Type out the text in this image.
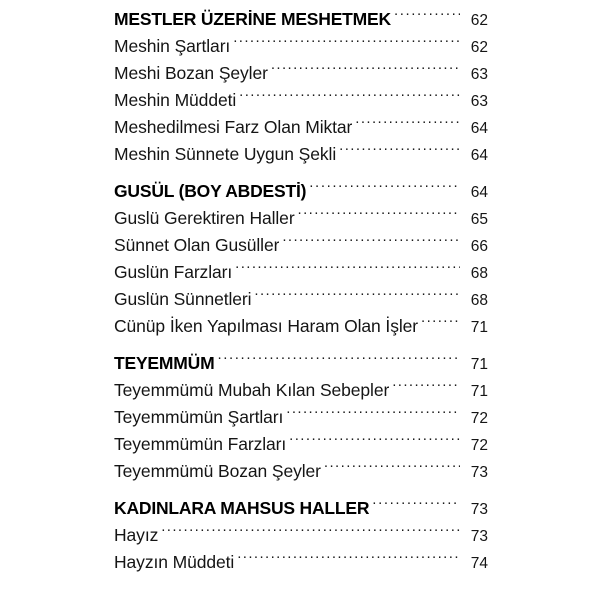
MESTLER ÜZERİNE MESHETMEK .....	62
Meshin Şartları .....	62
Meshi Bozan Şeyler .....	63
Meshin Müddeti .....	63
Meshedilmesi Farz Olan Miktar .....	64
Meshin Sünnete Uygun Şekli .....	64
GUSÜL (BOY ABDESTİ) .....	64
Guslü Gerektiren Haller .....	65
Sünnet Olan Gusüller .....	66
Guslün Farzları .....	68
Guslün Sünnetleri .....	68
Cünüp İken Yapılması Haram Olan İşler .....	71
TEYEMMÜM .....	71
Teyemmümü Mubah Kılan Sebepler .....	71
Teyemmümün Şartları .....	72
Teyemmümün Farzları .....	72
Teyemmümü Bozan Şeyler .....	73
KADINLARA MAHSUS HALLER .....	73
Hayız .....	73
Hayzın Müddeti .....	74
